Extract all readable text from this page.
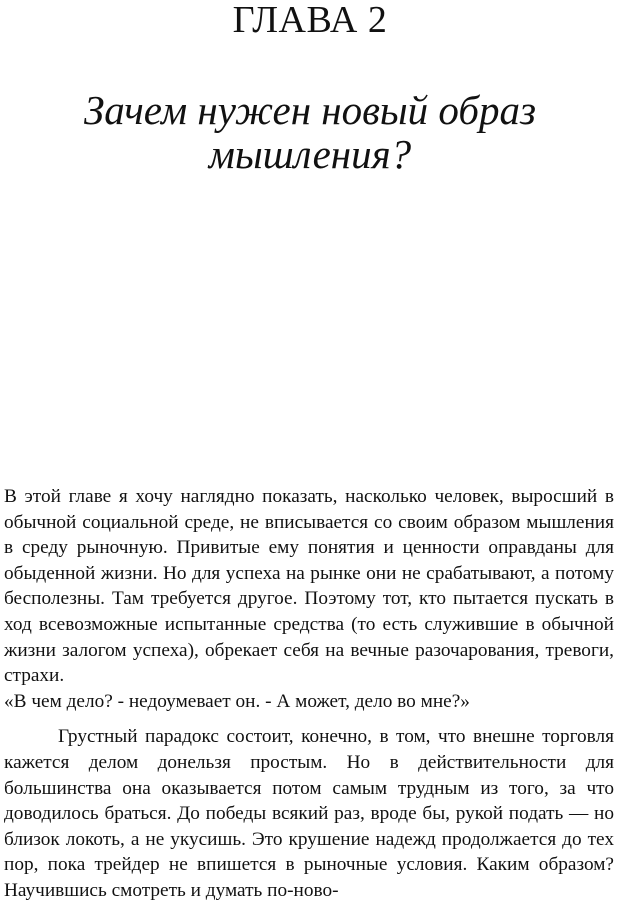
ГЛАВА 2
Зачем нужен новый образ
мышления?

В этой главе я хочу наглядно показать, насколько человек, выросший в обычной социальной среде, не вписывается со своим образом мышления в среду рыночную. Привитые ему понятия и ценности оправданы для обыденной жизни. Но для успеха на рынке они не срабатывают, а потому бесполезны. Там требуется другое. Поэтому тот, кто пытается пускать в ход всевозможные испытанные средства (то есть служившие в обычной жизни залогом успеха), обрекает себя на вечные разочарования, тревоги, страхи.

«В чем дело? - недоумевает он. - А может, дело во мне?»

Грустный парадокс состоит, конечно, в том, что внешне торговля кажется делом донельзя простым. Но в действительности для большинства она оказывается потом самым трудным из того, за что доводилось браться. До победы всякий раз, вроде бы, рукой подать — но близок локоть, а не укусишь. Это крушение надежд продолжается до тех пор, пока трейдер не впишется в рыночные условия. Каким образом? Научившись смотреть и думать по-ново-
